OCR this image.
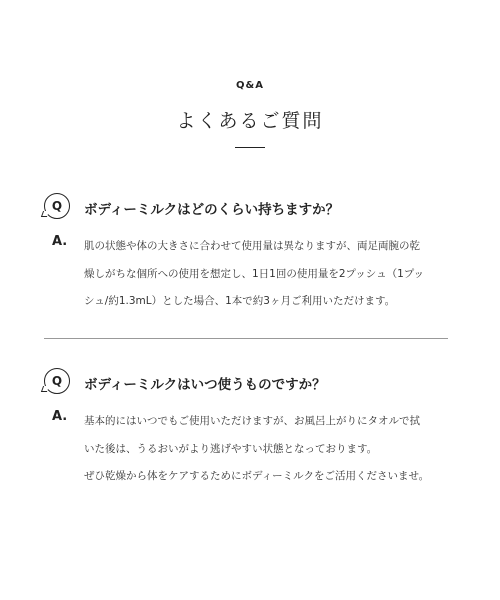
Q&A
よくあるご質問
Q ボディーミルクはどのくらい持ちますか？
A. 肌の状態や体の大きさに合わせて使用量は異なりますが、両足両腕の乾
燥しがちな個所への使用を想定し、1日1回の使用量を2プッシュ（1プッ
シュ/約1.3mL）とした場合、1本で約3ヶ月ご利用いただけます。
Q ボディーミルクはいつ使うものですか？
A. 基本的にはいつでもご使用いただけますが、お風呂上がりにタオルで拭
いた後は、うるおいがより逃げやすい状態となっております。
ぜひ乾燥から体をケアするためにボディーミルクをご活用くださいませ。
